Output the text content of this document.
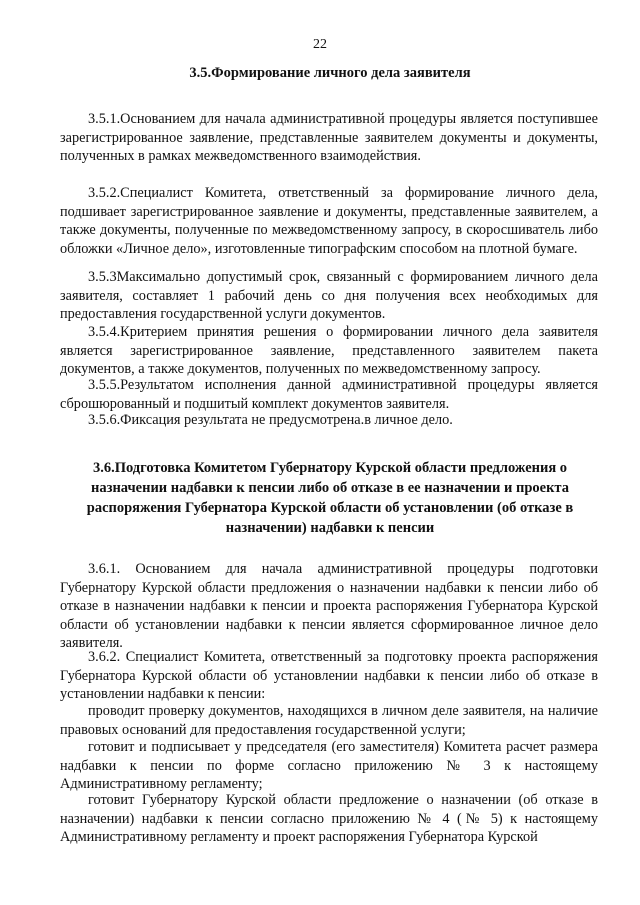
22
3.5.Формирование личного дела заявителя

3.5.1.Основанием для начала административной процедуры является поступившее зарегистрированное заявление, представленные заявителем документы и документы, полученных в рамках межведомственного взаимодействия.

3.5.2.Специалист Комитета, ответственный за формирование личного дела, подшивает зарегистрированное заявление и документы, представленные заявителем, а также документы, полученные по межведомственному запросу, в скоросшиватель либо обложки «Личное дело», изготовленные типографским способом на плотной бумаге.

3.5.3Максимально допустимый срок, связанный с формированием личного дела заявителя, составляет 1 рабочий день со дня получения всех необходимых для предоставления государственной услуги документов.

3.5.4.Критерием принятия решения о формировании личного дела заявителя является зарегистрированное заявление, представленного заявителем пакета документов, а также документов, полученных по межведомственному запросу.

3.5.5.Результатом исполнения данной административной процедуры является сброшюрованный и подшитый комплект документов заявителя.

3.5.6.Фиксация результата не предусмотрена.в личное дело.

3.6.Подготовка Комитетом Губернатору Курской области предложения о назначении надбавки к пенсии либо об отказе в ее назначении и проекта распоряжения Губернатора Курской области об установлении (об отказе в назначении) надбавки к пенсии

3.6.1. Основанием для начала административной процедуры подготовки Губернатору Курской области предложения о назначении надбавки к пенсии либо об отказе в назначении надбавки к пенсии и проекта распоряжения Губернатора Курской области об установлении надбавки к пенсии является сформированное личное дело заявителя.

3.6.2. Специалист Комитета, ответственный за подготовку проекта распоряжения Губернатора Курской области об установлении надбавки к пенсии либо об отказе в установлении надбавки к пенсии:

проводит проверку документов, находящихся в личном деле заявителя, на наличие правовых оснований для предоставления государственной услуги;

готовит и подписывает у председателя (его заместителя) Комитета расчет размера надбавки к пенсии по форме согласно приложению № 3 к настоящему Административному регламенту;

готовит Губернатору Курской области предложение о назначении (об отказе в назначении) надбавки к пенсии согласно приложению № 4 (№ 5) к настоящему Административному регламенту и проект распоряжения Губернатора Курской
